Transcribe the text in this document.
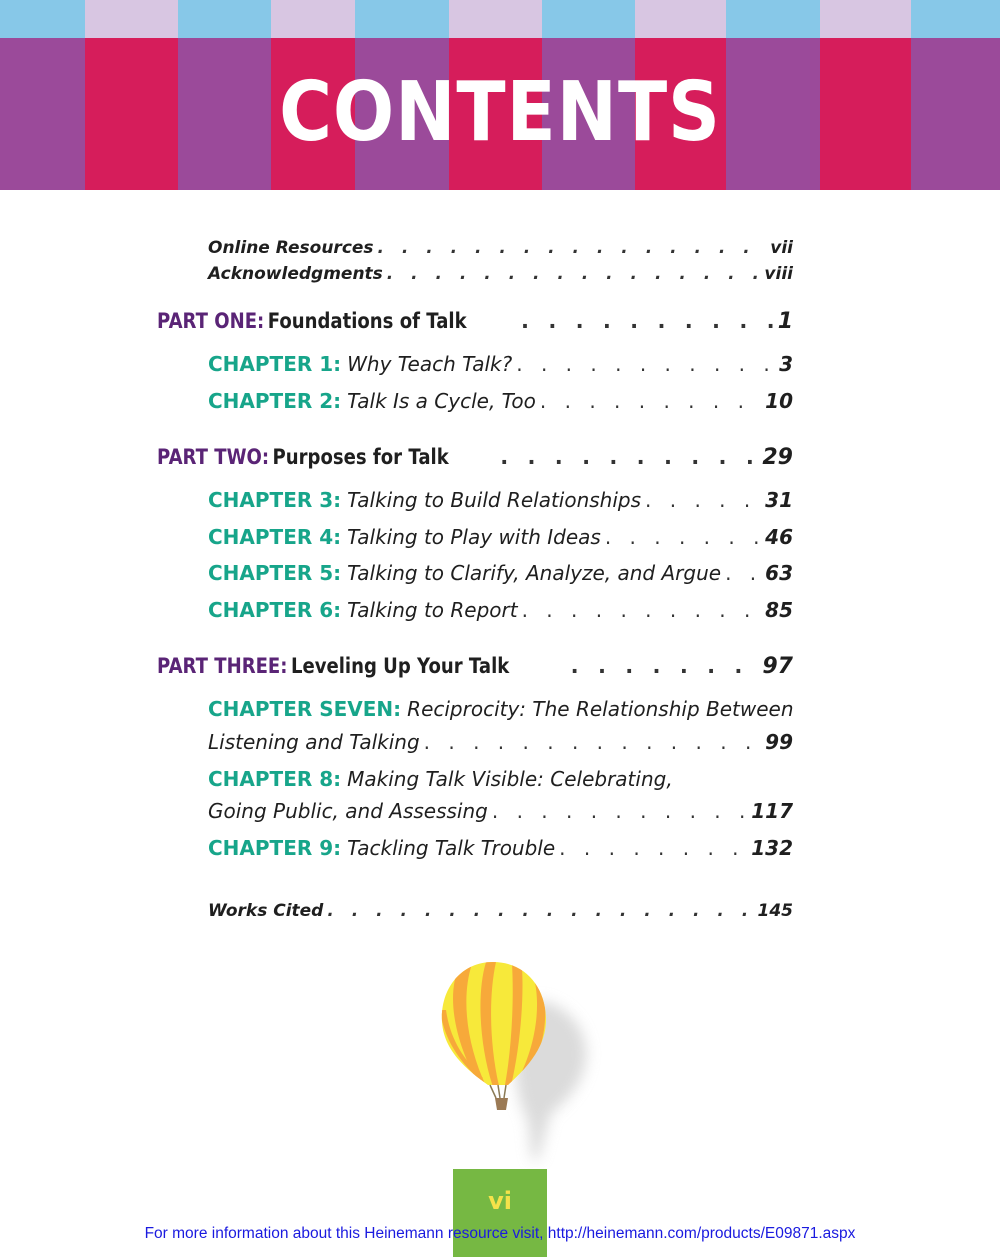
CONTENTS
Online Resources . . .	vii
Acknowledgments . . .	viii
PART ONE: Foundations of Talk . . .	1
CHAPTER 1: Why Teach Talk? . . .	3
CHAPTER 2: Talk Is a Cycle, Too . . .	10
PART TWO: Purposes for Talk . . .	29
CHAPTER 3: Talking to Build Relationships . . .	31
CHAPTER 4: Talking to Play with Ideas . . .	46
CHAPTER 5: Talking to Clarify, Analyze, and Argue . . . 63
CHAPTER 6: Talking to Report . . .	85
PART THREE: Leveling Up Your Talk . . .	97
CHAPTER SEVEN: Reciprocity: The Relationship Between
Listening and Talking . . .	99
CHAPTER 8: Making Talk Visible: Celebrating,
Going Public, and Assessing . . .	117
CHAPTER 9: Tackling Talk Trouble . . .	132
Works Cited . . .	145
vi
For more information about this Heinemann resource visit, http://heinemann.com/products/E09871.aspx
